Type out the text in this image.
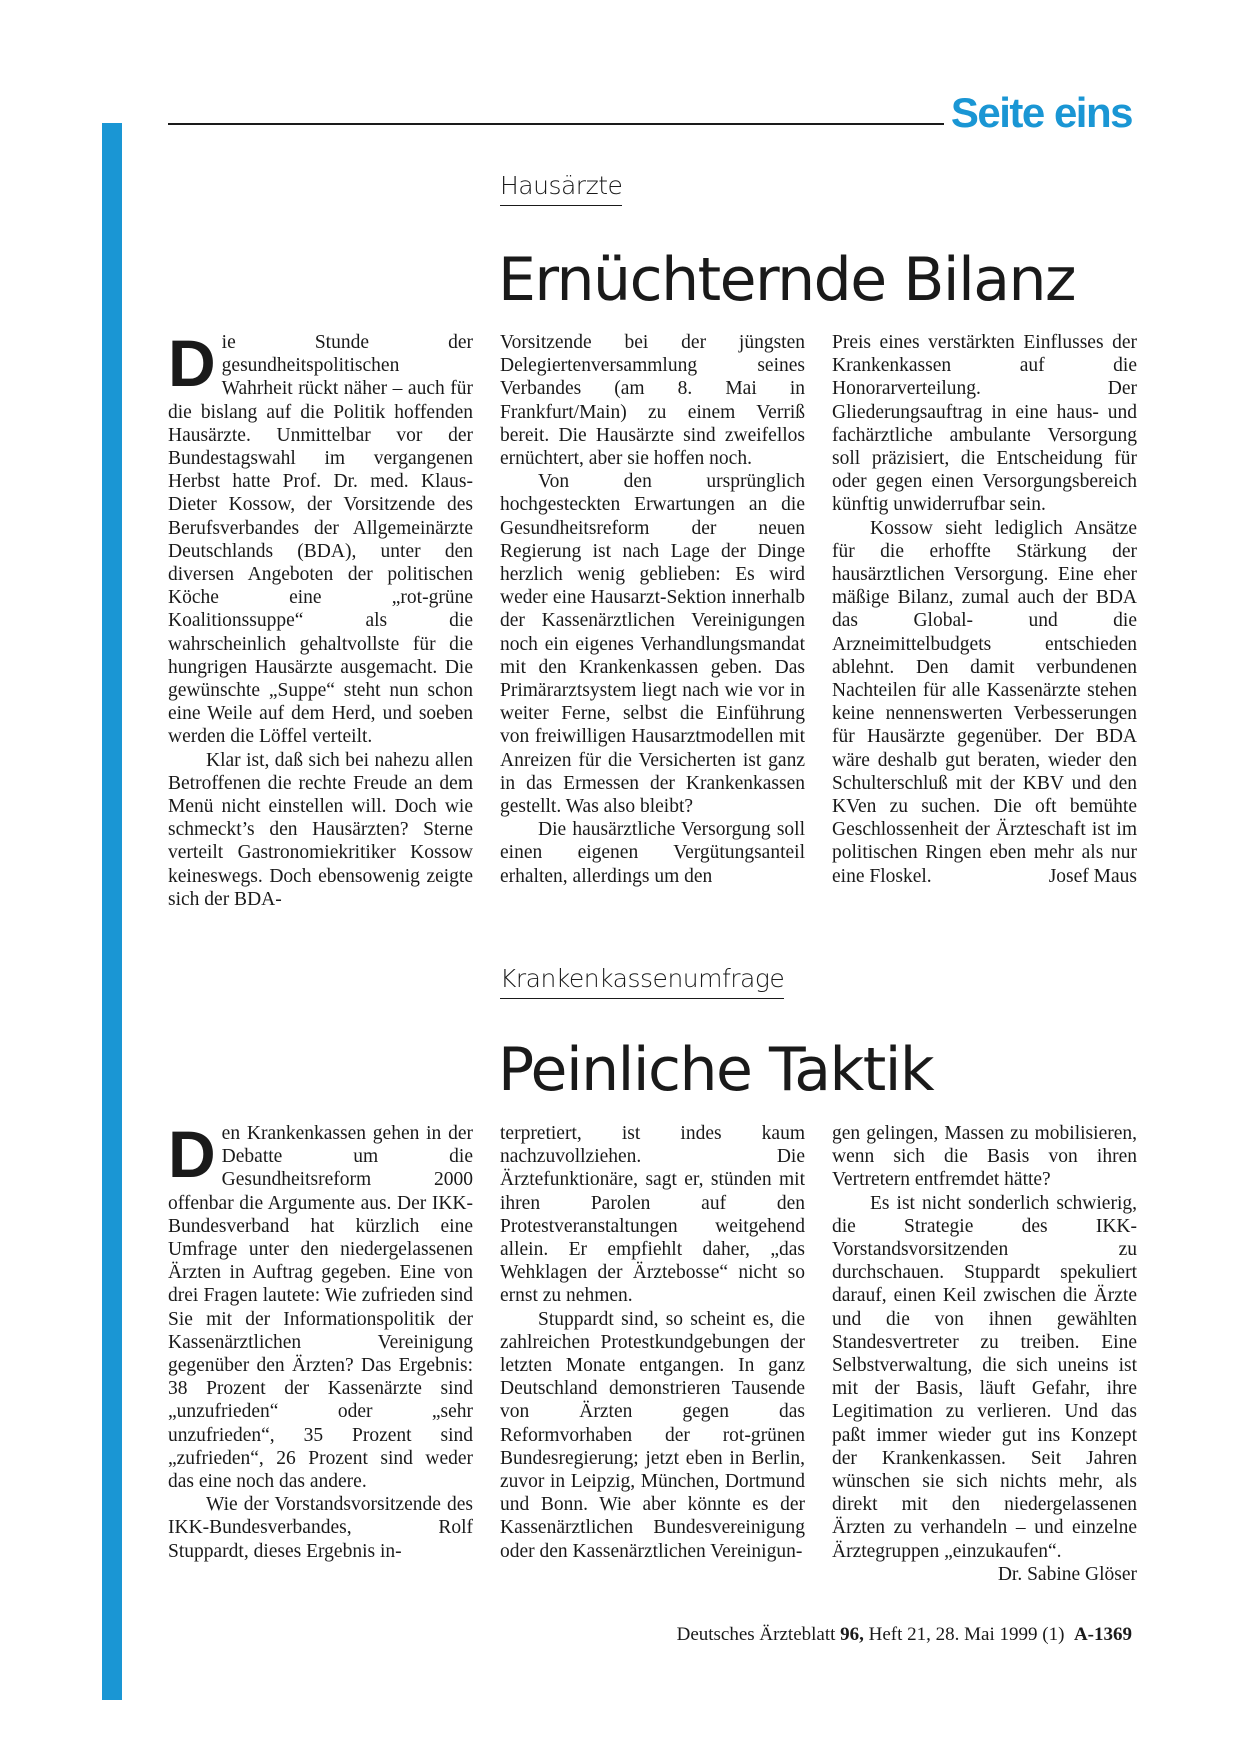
Seite eins
Hausärzte
Ernüchternde Bilanz
D ie Stunde der gesundheitspolitischen Wahrheit rückt näher – auch für die bislang auf die Politik hoffenden Hausärzte. Unmittelbar vor der Bundestagswahl im vergangenen Herbst hatte Prof. Dr. med. Klaus-Dieter Kossow, der Vorsitzende des Berufsverbandes der Allgemeinärzte Deutschlands (BDA), unter den diversen Angeboten der politischen Köche eine „rot-grüne Koalitionssuppe“ als die wahrscheinlich gehaltvollste für die hungrigen Hausärzte ausgemacht. Die gewünschte „Suppe“ steht nun schon eine Weile auf dem Herd, und soeben werden die Löffel verteilt.

Klar ist, daß sich bei nahezu allen Betroffenen die rechte Freude an dem Menü nicht einstellen will. Doch wie schmeckt’s den Hausärzten? Sterne verteilt Gastronomiekritiker Kossow keineswegs. Doch ebensowenig zeigte sich der BDA-

Vorsitzende bei der jüngsten Delegiertenversammlung seines Verbandes (am 8. Mai in Frankfurt/Main) zu einem Verriß bereit. Die Hausärzte sind zweifellos ernüchtert, aber sie hoffen noch.

Von den ursprünglich hochgesteckten Erwartungen an die Gesundheitsreform der neuen Regierung ist nach Lage der Dinge herzlich wenig geblieben: Es wird weder eine Hausarzt-Sektion innerhalb der Kassenärztlichen Vereinigungen noch ein eigenes Verhandlungsmandat mit den Krankenkassen geben. Das Primärarztsystem liegt nach wie vor in weiter Ferne, selbst die Einführung von freiwilligen Hausarztmodellen mit Anreizen für die Versicherten ist ganz in das Ermessen der Krankenkassen gestellt. Was also bleibt?

Die hausärztliche Versorgung soll einen eigenen Vergütungsanteil erhalten, allerdings um den

Preis eines verstärkten Einflusses der Krankenkassen auf die Honorarverteilung. Der Gliederungsauftrag in eine haus- und fachärztliche ambulante Versorgung soll präzisiert, die Entscheidung für oder gegen einen Versorgungsbereich künftig unwiderrufbar sein.

Kossow sieht lediglich Ansätze für die erhoffte Stärkung der hausärztlichen Versorgung. Eine eher mäßige Bilanz, zumal auch der BDA das Global- und die Arzneimittelbudgets entschieden ablehnt. Den damit verbundenen Nachteilen für alle Kassenärzte stehen keine nennenswerten Verbesserungen für Hausärzte gegenüber. Der BDA wäre deshalb gut beraten, wieder den Schulterschluß mit der KBV und den KVen zu suchen. Die oft bemühte Geschlossenheit der Ärzteschaft ist im politischen Ringen eben mehr als nur eine Floskel.	Josef Maus

Krankenkassenumfrage
Peinliche Taktik
D en Krankenkassen gehen in der Debatte um die Gesundheitsreform 2000 offenbar die Argumente aus. Der IKK-Bundesverband hat kürzlich eine Umfrage unter den niedergelassenen Ärzten in Auftrag gegeben. Eine von drei Fragen lautete: Wie zufrieden sind Sie mit der Informationspolitik der Kassenärztlichen Vereinigung gegenüber den Ärzten? Das Ergebnis: 38 Prozent der Kassenärzte sind „unzufrieden“ oder „sehr unzufrieden“, 35 Prozent sind „zufrieden“, 26 Prozent sind weder das eine noch das andere.

Wie der Vorstandsvorsitzende des IKK-Bundesverbandes, Rolf Stuppardt, dieses Ergebnis in-

terpretiert, ist indes kaum nachzuvollziehen. Die Ärztefunktionäre, sagt er, stünden mit ihren Parolen auf den Protestveranstaltungen weitgehend allein. Er empfiehlt daher, „das Wehklagen der Ärztebosse“ nicht so ernst zu nehmen.

Stuppardt sind, so scheint es, die zahlreichen Protestkundgebungen der letzten Monate entgangen. In ganz Deutschland demonstrieren Tausende von Ärzten gegen das Reformvorhaben der rot-grünen Bundesregierung; jetzt eben in Berlin, zuvor in Leipzig, München, Dortmund und Bonn. Wie aber könnte es der Kassenärztlichen Bundesvereinigung oder den Kassenärztlichen Vereinigun-

gen gelingen, Massen zu mobilisieren, wenn sich die Basis von ihren Vertretern entfremdet hätte?

Es ist nicht sonderlich schwierig, die Strategie des IKK-Vorstandsvorsitzenden zu durchschauen. Stuppardt spekuliert darauf, einen Keil zwischen die Ärzte und die von ihnen gewählten Standesvertreter zu treiben. Eine Selbstverwaltung, die sich uneins ist mit der Basis, läuft Gefahr, ihre Legitimation zu verlieren. Und das paßt immer wieder gut ins Konzept der Krankenkassen. Seit Jahren wünschen sie sich nichts mehr, als direkt mit den niedergelassenen Ärzten zu verhandeln – und einzelne Ärztegruppen „einzukaufen“.
Dr. Sabine Glöser

Deutsches Ärzteblatt 96, Heft 21, 28. Mai 1999 (1) A-1369
